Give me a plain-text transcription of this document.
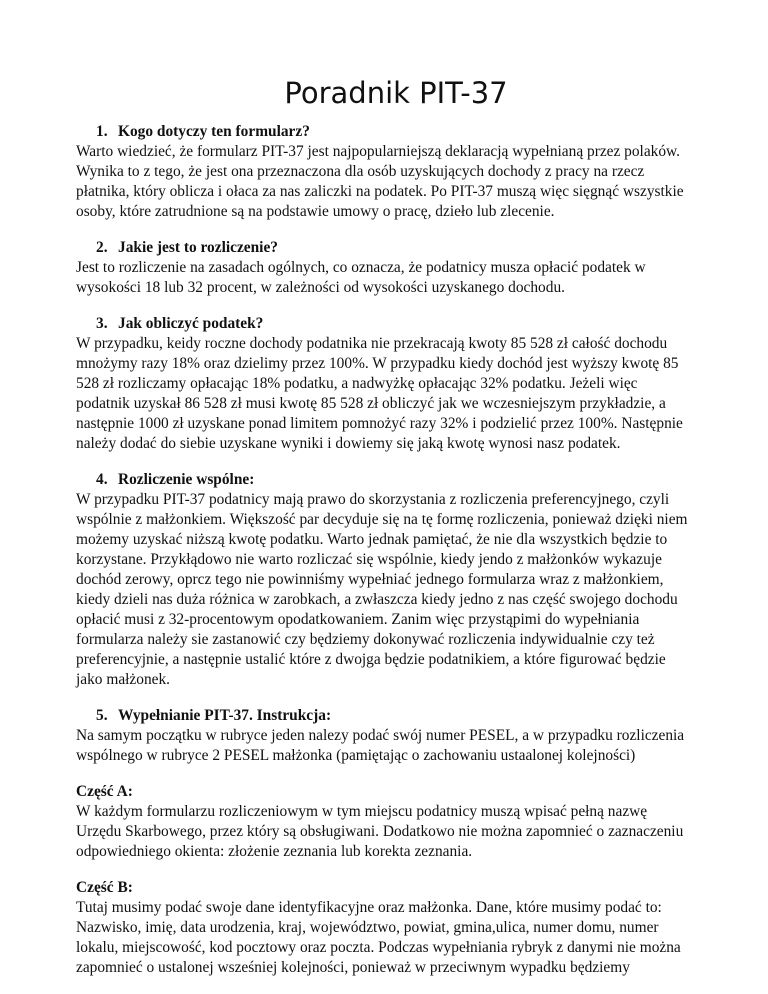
Poradnik PIT-37
1. Kogo dotyczy ten formularz?

Warto wiedzieć, że formularz PIT-37 jest najpopularniejszą deklaracją wypełnianą przez polaków.
Wynika to z tego, że jest ona przeznaczona dla osób uzyskujących dochody z pracy na rzecz
płatnika, który oblicza i ołaca za nas zaliczki na podatek. Po PIT-37 muszą więc sięgnąć wszystkie
osoby, które zatrudnione są na podstawie umowy o pracę, dzieło lub zlecenie.

2. Jakie jest to rozliczenie?

Jest to rozliczenie na zasadach ogólnych, co oznacza, że podatnicy musza opłacić podatek w
wysokości 18 lub 32 procent, w zależności od wysokości uzyskanego dochodu.

3. Jak obliczyć podatek?

W przypadku, keidy roczne dochody podatnika nie przekracają kwoty 85 528 zł całość dochodu
mnożymy razy 18% oraz dzielimy przez 100%. W przypadku kiedy dochód jest wyższy kwotę 85
528 zł rozliczamy opłacając 18% podatku, a nadwyżkę opłacając 32% podatku. Jeżeli więc
podatnik uzyskał 86 528 zł musi kwotę 85 528 zł obliczyć jak we wczesniejszym przykładzie, a
następnie 1000 zł uzyskane ponad limitem pomnożyć razy 32% i podzielić przez 100%. Następnie
należy dodać do siebie uzyskane wyniki i dowiemy się jaką kwotę wynosi nasz podatek.

4. Rozliczenie wspólne:

W przypadku PIT-37 podatnicy mają prawo do skorzystania z rozliczenia preferencyjnego, czyli
wspólnie z małżonkiem. Większość par decyduje się na tę formę rozliczenia, ponieważ dzięki niem
możemy uzyskać niższą kwotę podatku. Warto jednak pamiętać, że nie dla wszystkich będzie to
korzystane. Przykłądowo nie warto rozliczać się wspólnie, kiedy jendo z małżonków wykazuje
dochód zerowy, oprcz tego nie powinniśmy wypełniać jednego formularza wraz z małżonkiem,
kiedy dzieli nas duża różnica w zarobkach, a zwłaszcza kiedy jedno z nas część swojego dochodu
opłacić musi z 32-procentowym opodatkowaniem. Zanim więc przystąpimi do wypełniania
formularza należy sie zastanowić czy będziemy dokonywać rozliczenia indywidualnie czy też
preferencyjnie, a następnie ustalić które z dwojga będzie podatnikiem, a które figurować będzie
jako małżonek.

5. Wypełnianie PIT-37. Instrukcja:

Na samym początku w rubryce jeden nalezy podać swój numer PESEL, a w przypadku rozliczenia
wspólnego w rubryce 2 PESEL małżonka (pamiętając o zachowaniu ustaalonej kolejności)

Część A:

W każdym formularzu rozliczeniowym w tym miejscu podatnicy muszą wpisać pełną nazwę
Urzędu Skarbowego, przez który są obsługiwani. Dodatkowo nie można zapomnieć o zaznaczeniu
odpowiedniego okienta: złożenie zeznania lub korekta zeznania.

Część B:

Tutaj musimy podać swoje dane identyfikacyjne oraz małżonka. Dane, które musimy podać to:
Nazwisko, imię, data urodzenia, kraj, województwo, powiat, gmina,ulica, numer domu, numer
lokalu, miejscowość, kod pocztowy oraz poczta. Podczas wypełniania rybryk z danymi nie można
zapomnieć o ustalonej wsześniej kolejności, ponieważ w przeciwnym wypadku będziemy
